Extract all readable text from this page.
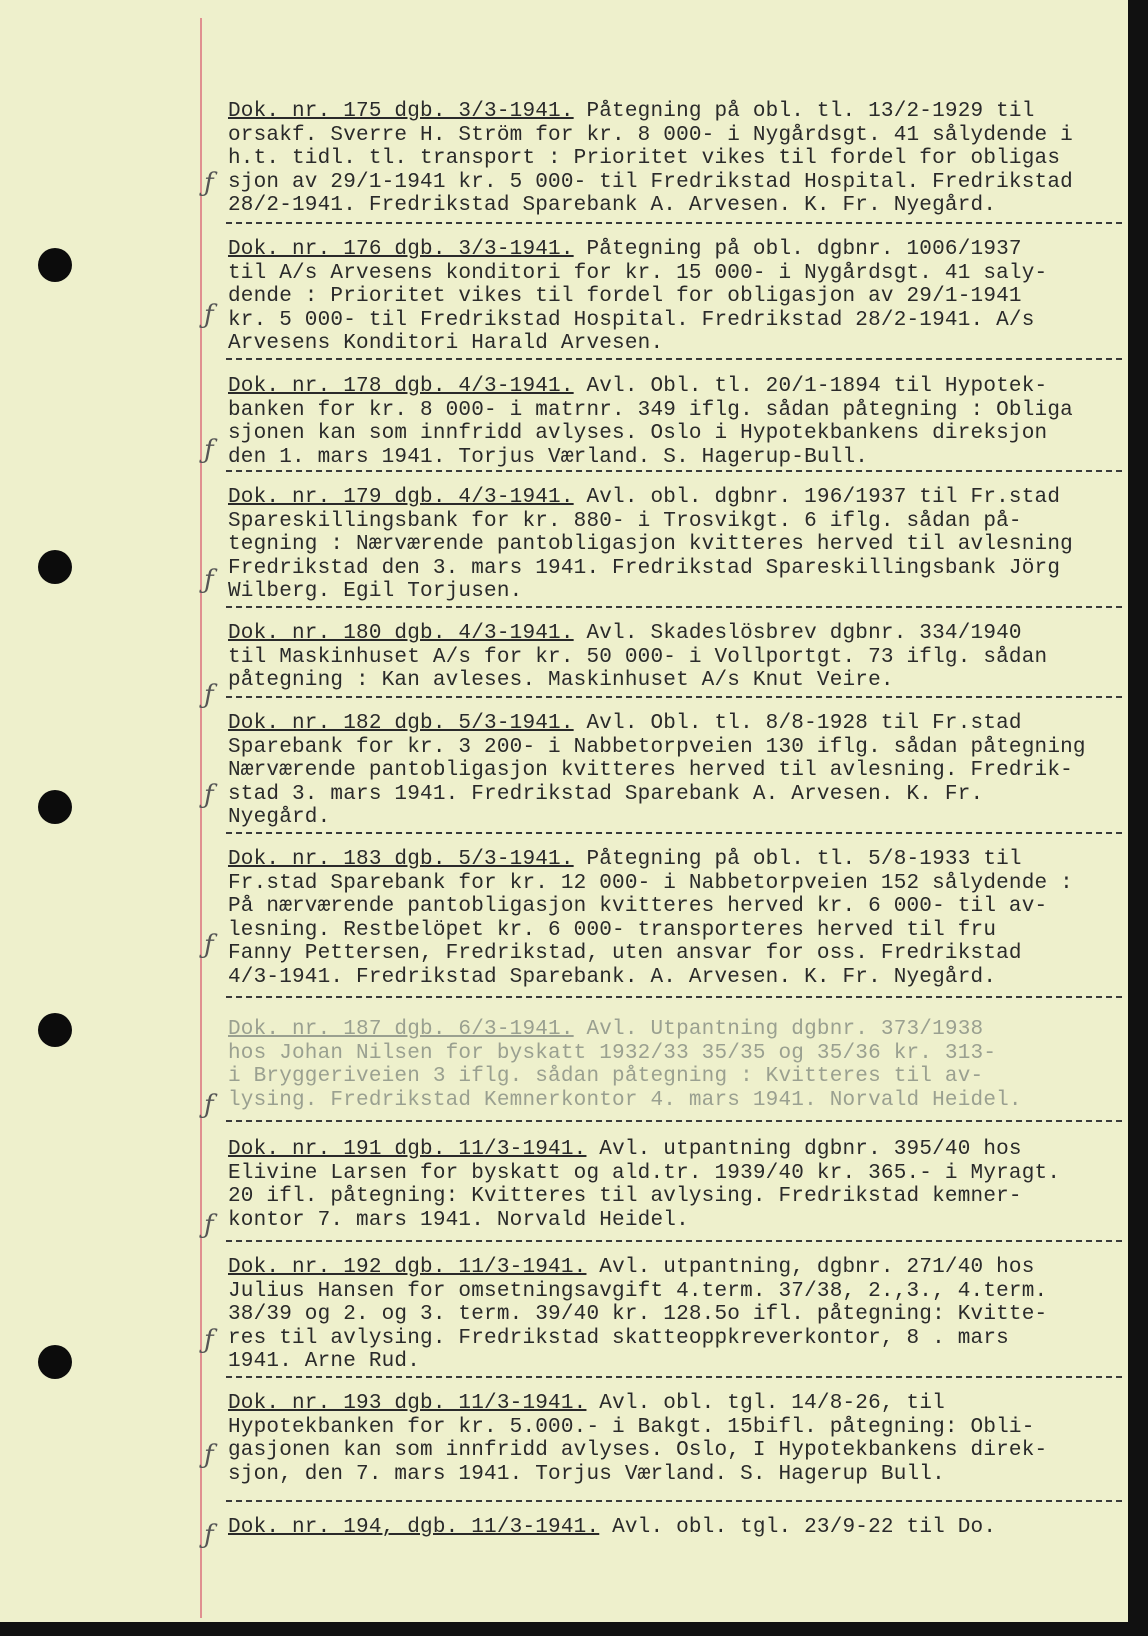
Dok. nr. 175 dgb. 3/3-1941. Påtegning på obl. tl. 13/2-1929 til
orsakf. Sverre H. Ström for kr. 8 000- i Nygårdsgt. 41 sålydende i
h.t. tidl. tl. transport : Prioritet vikes til fordel for obligas
sjon av 29/1-1941 kr. 5 000- til Fredrikstad Hospital. Fredrikstad
28/2-1941. Fredrikstad Sparebank A. Arvesen. K. Fr. Nyegård.
Dok. nr. 176 dgb. 3/3-1941. Påtegning på obl. dgbnr. 1006/1937
til A/s Arvesens konditori for kr. 15 000- i Nygårdsgt. 41 saly-
dende : Prioritet vikes til fordel for obligasjon av 29/1-1941
kr. 5 000- til Fredrikstad Hospital. Fredrikstad 28/2-1941. A/s
Arvesens Konditori Harald Arvesen.
Dok. nr. 178 dgb. 4/3-1941. Avl. Obl. tl. 20/1-1894 til Hypotek-
banken for kr. 8 000- i matrnr. 349 iflg. sådan påtegning : Obliga
sjonen kan som innfridd avlyses. Oslo i Hypotekbankens direksjon
den 1. mars 1941. Torjus Værland. S. Hagerup-Bull.
Dok. nr. 179 dgb. 4/3-1941. Avl. obl. dgbnr. 196/1937 til Fr.stad
Spareskillingsbank for kr. 880- i Trosvikgt. 6 iflg. sådan på-
tegning : Nærværende pantobligasjon kvitteres herved til avlesning
Fredrikstad den 3. mars 1941. Fredrikstad Spareskillingsbank Jörg
Wilberg. Egil Torjusen.
Dok. nr. 180 dgb. 4/3-1941. Avl. Skadeslösbrev dgbnr. 334/1940
til Maskinhuset A/s for kr. 50 000- i Vollportgt. 73 iflg. sådan
påtegning : Kan avleses. Maskinhuset A/s Knut Veire.
Dok. nr. 182 dgb. 5/3-1941. Avl. Obl. tl. 8/8-1928 til Fr.stad
Sparebank for kr. 3 200- i Nabbetorpveien 130 iflg. sådan påtegning
Nærværende pantobligasjon kvitteres herved til avlesning. Fredrik-
stad 3. mars 1941. Fredrikstad Sparebank A. Arvesen. K. Fr.
Nyegård.
Dok. nr. 183 dgb. 5/3-1941. Påtegning på obl. tl. 5/8-1933 til
Fr.stad Sparebank for kr. 12 000- i Nabbetorpveien 152 sålydende :
På nærværende pantobligasjon kvitteres herved kr. 6 000- til av-
lesning. Restbelöpet kr. 6 000- transporteres herved til fru
Fanny Pettersen, Fredrikstad, uten ansvar for oss. Fredrikstad
4/3-1941. Fredrikstad Sparebank. A. Arvesen. K. Fr. Nyegård.
Dok. nr. 187 dgb. 6/3-1941. Avl. Utpantning dgbnr. 373/1938
hos Johan Nilsen for byskatt 1932/33 35/35 og 35/36 kr. 313-
i Bryggeriveien 3 iflg. sådan påtegning : Kvitteres til av-
lysing. Fredrikstad Kemnerkontor 4. mars 1941. Norvald Heidel.
Dok. nr. 191 dgb. 11/3-1941. Avl. utpantning dgbnr. 395/40 hos
Elivine Larsen for byskatt og ald.tr. 1939/40 kr. 365.- i Myragt.
20 ifl. påtegning: Kvitteres til avlysing. Fredrikstad kemner-
kontor 7. mars 1941. Norvald Heidel.
Dok. nr. 192 dgb. 11/3-1941. Avl. utpantning, dgbnr. 271/40 hos
Julius Hansen for omsetningsavgift 4.term. 37/38, 2.,3., 4.term.
38/39 og 2. og 3. term. 39/40 kr. 128.5o ifl. påtegning: Kvitte-
res til avlysing. Fredrikstad skatteoppkreverkontor, 8 . mars
1941. Arne Rud.
Dok. nr. 193 dgb. 11/3-1941. Avl. obl. tgl. 14/8-26, til
Hypotekbanken for kr. 5.000.- i Bakgt. 15bifl. påtegning: Obli-
gasjonen kan som innfridd avlyses. Oslo, I Hypotekbankens direk-
sjon, den 7. mars 1941. Torjus Værland. S. Hagerup Bull.
Dok. nr. 194, dgb. 11/3-1941. Avl. obl. tgl. 23/9-22 til Do.
ƒ
ƒ
ƒ
ƒ
ƒ
ƒ
ƒ
ƒ
ƒ
ƒ
ƒ
ƒ
